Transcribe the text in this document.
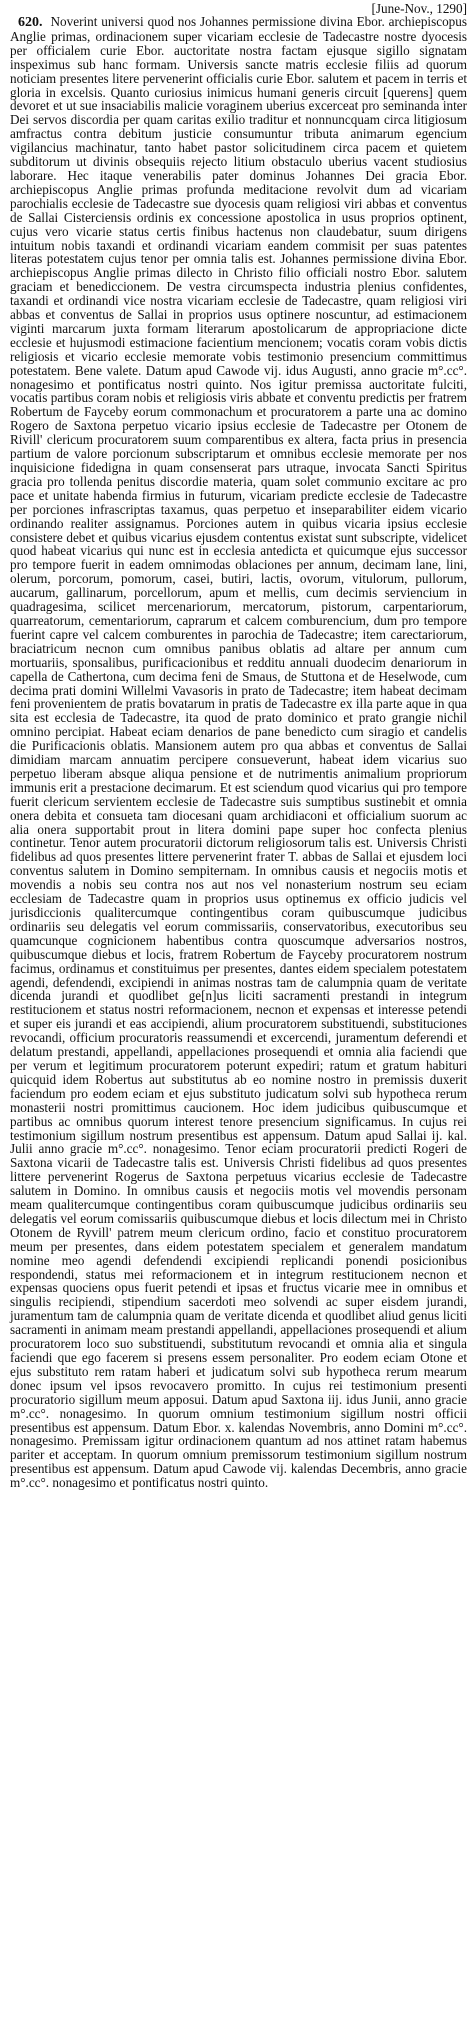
[June-Nov., 1290]
620. Noverint universi quod nos Johannes permissione divina Ebor. archiepiscopus Anglie primas, ordinacionem super vicariam ecclesie de Tadecastre nostre dyocesis per officialem curie Ebor. auctoritate nostra factam ejusque sigillo signatam inspeximus sub hanc formam. Universis sancte matris ecclesie filiis ad quorum noticiam presentes litere pervenerint officialis curie Ebor. salutem et pacem in terris et gloria in excelsis. Quanto curiosius inimicus humani generis circuit [querens] quem devoret et ut sue insaciabilis malicie voraginem uberius excerceat pro seminanda inter Dei servos discordia per quam caritas exilio traditur et nonnuncquam circa litigiosum amfractus contra debitum justicie consumuntur tributa animarum egencium vigilancius machinatur, tanto habet pastor solicitudinem circa pacem et quietem subditorum ut divinis obsequiis rejecto litium obstaculo uberius vacent studiosius laborare. Hec itaque venerabilis pater dominus Johannes Dei gracia Ebor. archiepiscopus Anglie primas profunda meditacione revolvit dum ad vicariam parochialis ecclesie de Tadecastre sue dyocesis quam religiosi viri abbas et conventus de Sallai Cisterciensis ordinis ex concessione apostolica in usus proprios optinent, cujus vero vicarie status certis finibus hactenus non claudebatur, suum dirigens intuitum nobis taxandi et ordinandi vicariam eandem commisit per suas patentes literas potestatem cujus tenor per omnia talis est. Johannes permissione divina Ebor. archiepiscopus Anglie primas dilecto in Christo filio officiali nostro Ebor. salutem graciam et benediccionem. De vestra circumspecta industria plenius confidentes, taxandi et ordinandi vice nostra vicariam ecclesie de Tadecastre, quam religiosi viri abbas et conventus de Sallai in proprios usus optinere noscuntur, ad estimacionem viginti marcarum juxta formam literarum apostolicarum de appropriacione dicte ecclesie et hujusmodi estimacione facientium mencionem; vocatis coram vobis dictis religiosis et vicario ecclesie memorate vobis testimonio presencium committimus potestatem. Bene valete. Datum apud Cawode vij. idus Augusti, anno gracie m°.cc°. nonagesimo et pontificatus nostri quinto. Nos igitur premissa auctoritate fulciti, vocatis partibus coram nobis et religiosis viris abbate et conventu predictis per fratrem Robertum de Fayceby eorum commonachum et procuratorem a parte una ac domino Rogero de Saxtona perpetuo vicario ipsius ecclesie de Tadecastre per Otonem de Rivill' clericum procuratorem suum comparentibus ex altera, facta prius in presencia partium de valore porcionum subscriptarum et omnibus ecclesie memorate per nos inquisicione fidedigna in quam consenserat pars utraque, invocata Sancti Spiritus gracia pro tollenda penitus discordie materia, quam solet communio excitare ac pro pace et unitate habenda firmius in futurum, vicariam predicte ecclesie de Tadecastre per porciones infrascriptas taxamus, quas perpetuo et inseparabiliter eidem vicario ordinando realiter assignamus. Porciones autem in quibus vicaria ipsius ecclesie consistere debet et quibus vicarius ejusdem contentus existat sunt subscripte, videlicet quod habeat vicarius qui nunc est in ecclesia antedicta et quicumque ejus successor pro tempore fuerit in eadem omnimodas oblaciones per annum, decimam lane, lini, olerum, porcorum, pomorum, casei, butiri, lactis, ovorum, vitulorum, pullorum, aucarum, gallinarum, porcellorum, apum et mellis, cum decimis serviencium in quadragesima, scilicet mercenariorum, mercatorum, pistorum, carpentariorum, quarreatorum, cementariorum, caprarum et calcem comburencium, dum pro tempore fuerint capre vel calcem comburentes in parochia de Tadecastre; item carectariorum, braciatricum necnon cum omnibus panibus oblatis ad altare per annum cum mortuariis, sponsalibus, purificacionibus et redditu annuali duodecim denariorum in capella de Cathertona, cum decima feni de Smaus, de Stuttona et de Heselwode, cum decima prati domini Willelmi Vavasoris in prato de Tadecastre; item habeat decimam feni provenientem de pratis bovatarum in pratis de Tadecastre ex illa parte aque in qua sita est ecclesia de Tadecastre, ita quod de prato dominico et prato grangie nichil omnino percipiat. Habeat eciam denarios de pane benedicto cum siragio et candelis die Purificacionis oblatis. Mansionem autem pro qua abbas et conventus de Sallai dimidiam marcam annuatim percipere consueverunt, habeat idem vicarius suo perpetuo liberam absque aliqua pensione et de nutrimentis animalium propriorum immunis erit a prestacione decimarum. Et est sciendum quod vicarius qui pro tempore fuerit clericum servientem ecclesie de Tadecastre suis sumptibus sustinebit et omnia onera debita et consueta tam diocesani quam archidiaconi et officialium suorum ac alia onera supportabit prout in litera domini pape super hoc confecta plenius continetur. Tenor autem procuratorii dictorum religiosorum talis est. Universis Christi fidelibus ad quos presentes littere pervenerint frater T. abbas de Sallai et ejusdem loci conventus salutem in Domino sempiternam. In omnibus causis et negociis motis et movendis a nobis seu contra nos aut nos vel nonasterium nostrum seu eciam ecclesiam de Tadecastre quam in proprios usus optinemus ex officio judicis vel jurisdiccionis qualitercumque contingentibus coram quibuscumque judicibus ordinariis seu delegatis vel eorum commissariis, conservatoribus, executoribus seu quamcunque cognicionem habentibus contra quoscumque adversarios nostros, quibuscumque diebus et locis, fratrem Robertum de Fayceby procuratorem nostrum facimus, ordinamus et constituimus per presentes, dantes eidem specialem potestatem agendi, defendendi, excipiendi in animas nostras tam de calumpnia quam de veritate dicenda jurandi et quodlibet ge[n]us liciti sacramenti prestandi in integrum restitucionem et status nostri reformacionem, necnon et expensas et interesse petendi et super eis jurandi et eas accipiendi, alium procuratorem substituendi, substituciones revocandi, officium procuratoris reassumendi et excercendi, juramentum deferendi et delatum prestandi, appellandi, appellaciones prosequendi et omnia alia faciendi que per verum et legitimum procuratorem poterunt expediri; ratum et gratum habituri quicquid idem Robertus aut substitutus ab eo nomine nostro in premissis duxerit faciendum pro eodem eciam et ejus substituto judicatum solvi sub hypotheca rerum monasterii nostri promittimus caucionem. Hoc idem judicibus quibuscumque et partibus ac omnibus quorum interest tenore presencium significamus. In cujus rei testimonium sigillum nostrum presentibus est appensum. Datum apud Sallai ij. kal. Julii anno gracie m°.cc°. nonagesimo. Tenor eciam procuratorii predicti Rogeri de Saxtona vicarii de Tadecastre talis est. Universis Christi fidelibus ad quos presentes littere pervenerint Rogerus de Saxtona perpetuus vicarius ecclesie de Tadecastre salutem in Domino. In omnibus causis et negociis motis vel movendis personam meam qualitercumque contingentibus coram quibuscumque judicibus ordinariis seu delegatis vel eorum comissariis quibuscumque diebus et locis dilectum mei in Christo Otonem de Ryvill' patrem meum clericum ordino, facio et constituo procuratorem meum per presentes, dans eidem potestatem specialem et generalem mandatum nomine meo agendi defendendi excipiendi replicandi ponendi posicionibus respondendi, status mei reformacionem et in integrum restitucionem necnon et expensas quociens opus fuerit petendi et ipsas et fructus vicarie mee in omnibus et singulis recipiendi, stipendium sacerdoti meo solvendi ac super eisdem jurandi, juramentum tam de calumpnia quam de veritate dicenda et quodlibet aliud genus liciti sacramenti in animam meam prestandi appellandi, appellaciones prosequendi et alium procuratorem loco suo substituendi, substitutum revocandi et omnia alia et singula faciendi que ego facerem si presens essem personaliter. Pro eodem eciam Otone et ejus substituto rem ratam haberi et judicatum solvi sub hypotheca rerum mearum donec ipsum vel ipsos revocavero promitto. In cujus rei testimonium presenti procuratorio sigillum meum apposui. Datum apud Saxtona iij. idus Junii, anno gracie m°.cc°. nonagesimo. In quorum omnium testimonium sigillum nostri officii presentibus est appensum. Datum Ebor. x. kalendas Novembris, anno Domini m°.cc°. nonagesimo. Premissam igitur ordinacionem quantum ad nos attinet ratam habemus pariter et acceptam. In quorum omnium premissorum testimonium sigillum nostrum presentibus est appensum. Datum apud Cawode vij. kalendas Decembris, anno gracie m°.cc°. nonagesimo et pontificatus nostri quinto.
